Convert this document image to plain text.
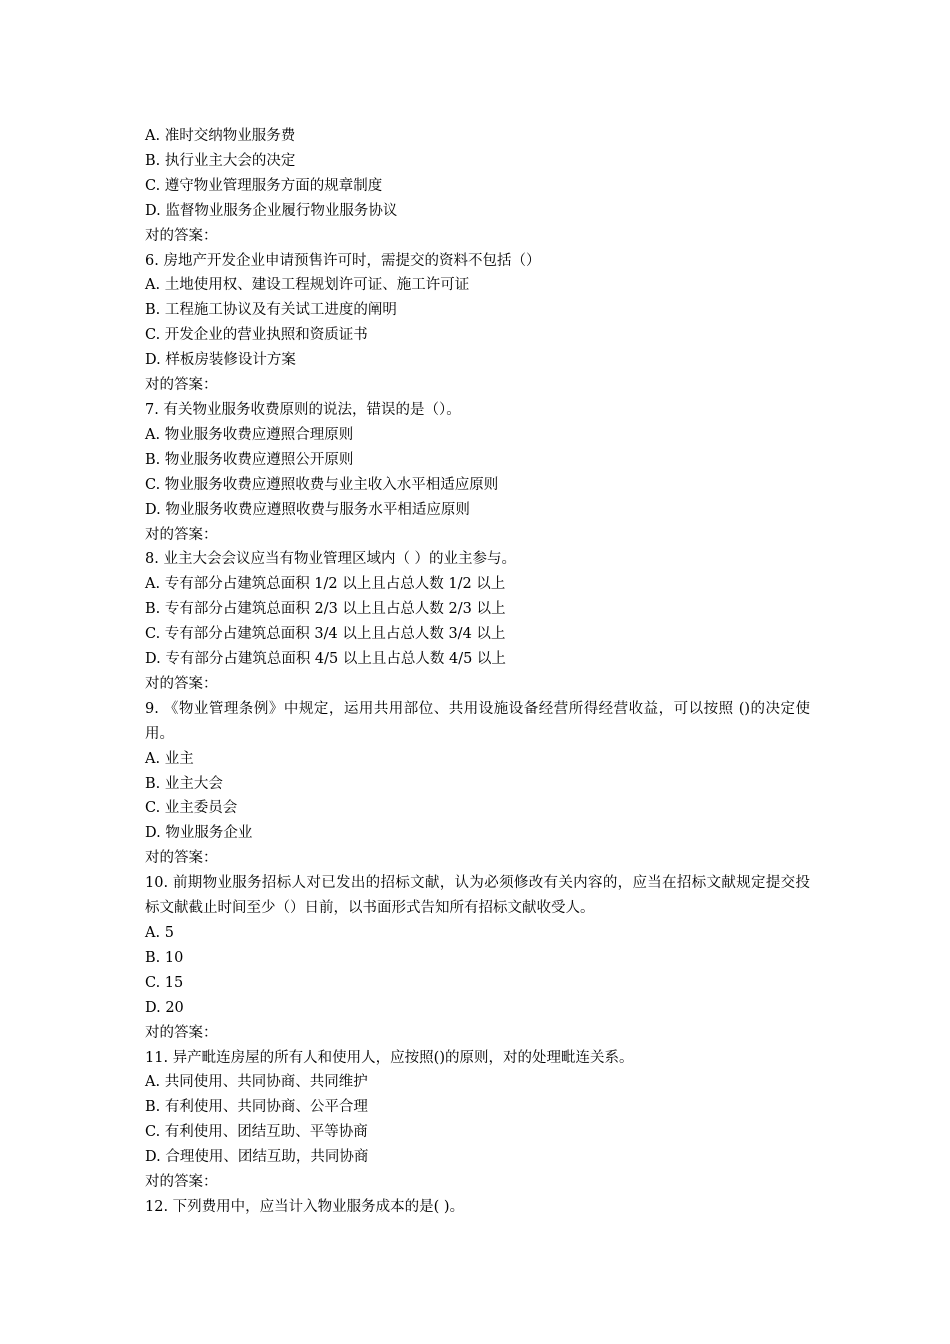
A. 准时交纳物业服务费

B. 执行业主大会的决定

C. 遵守物业管理服务方面的规章制度

D. 监督物业服务企业履行物业服务协议

对的答案：

6. 房地产开发企业申请预售许可时，需提交的资料不包括（）

A. 土地使用权、建设工程规划许可证、施工许可证

B. 工程施工协议及有关试工进度的阐明

C. 开发企业的营业执照和资质证书

D. 样板房装修设计方案

对的答案：

7. 有关物业服务收费原则的说法，错误的是（）。

A. 物业服务收费应遵照合理原则

B. 物业服务收费应遵照公开原则

C. 物业服务收费应遵照收费与业主收入水平相适应原则

D. 物业服务收费应遵照收费与服务水平相适应原则

对的答案：

8. 业主大会会议应当有物业管理区域内（ ）的业主参与。

A. 专有部分占建筑总面积 1/2 以上且占总人数 1/2 以上

B. 专有部分占建筑总面积 2/3 以上且占总人数 2/3 以上

C. 专有部分占建筑总面积 3/4 以上且占总人数 3/4 以上

D. 专有部分占建筑总面积 4/5 以上且占总人数 4/5 以上

对的答案：

9. 《物业管理条例》中规定，运用共用部位、共用设施设备经营所得经营收益，可以按照 ()的决定使用。

A. 业主

B. 业主大会

C. 业主委员会

D. 物业服务企业

对的答案：

10. 前期物业服务招标人对已发出的招标文献，认为必须修改有关内容的，应当在招标文献规定提交投标文献截止时间至少（）日前，以书面形式告知所有招标文献收受人。

A. 5

B. 10

C. 15

D. 20

对的答案：

11. 异产毗连房屋的所有人和使用人，应按照()的原则，对的处理毗连关系。

A. 共同使用、共同协商、共同维护

B. 有利使用、共同协商、公平合理

C. 有利使用、团结互助、平等协商

D. 合理使用、团结互助，共同协商

对的答案：

12. 下列费用中，应当计入物业服务成本的是( )。
